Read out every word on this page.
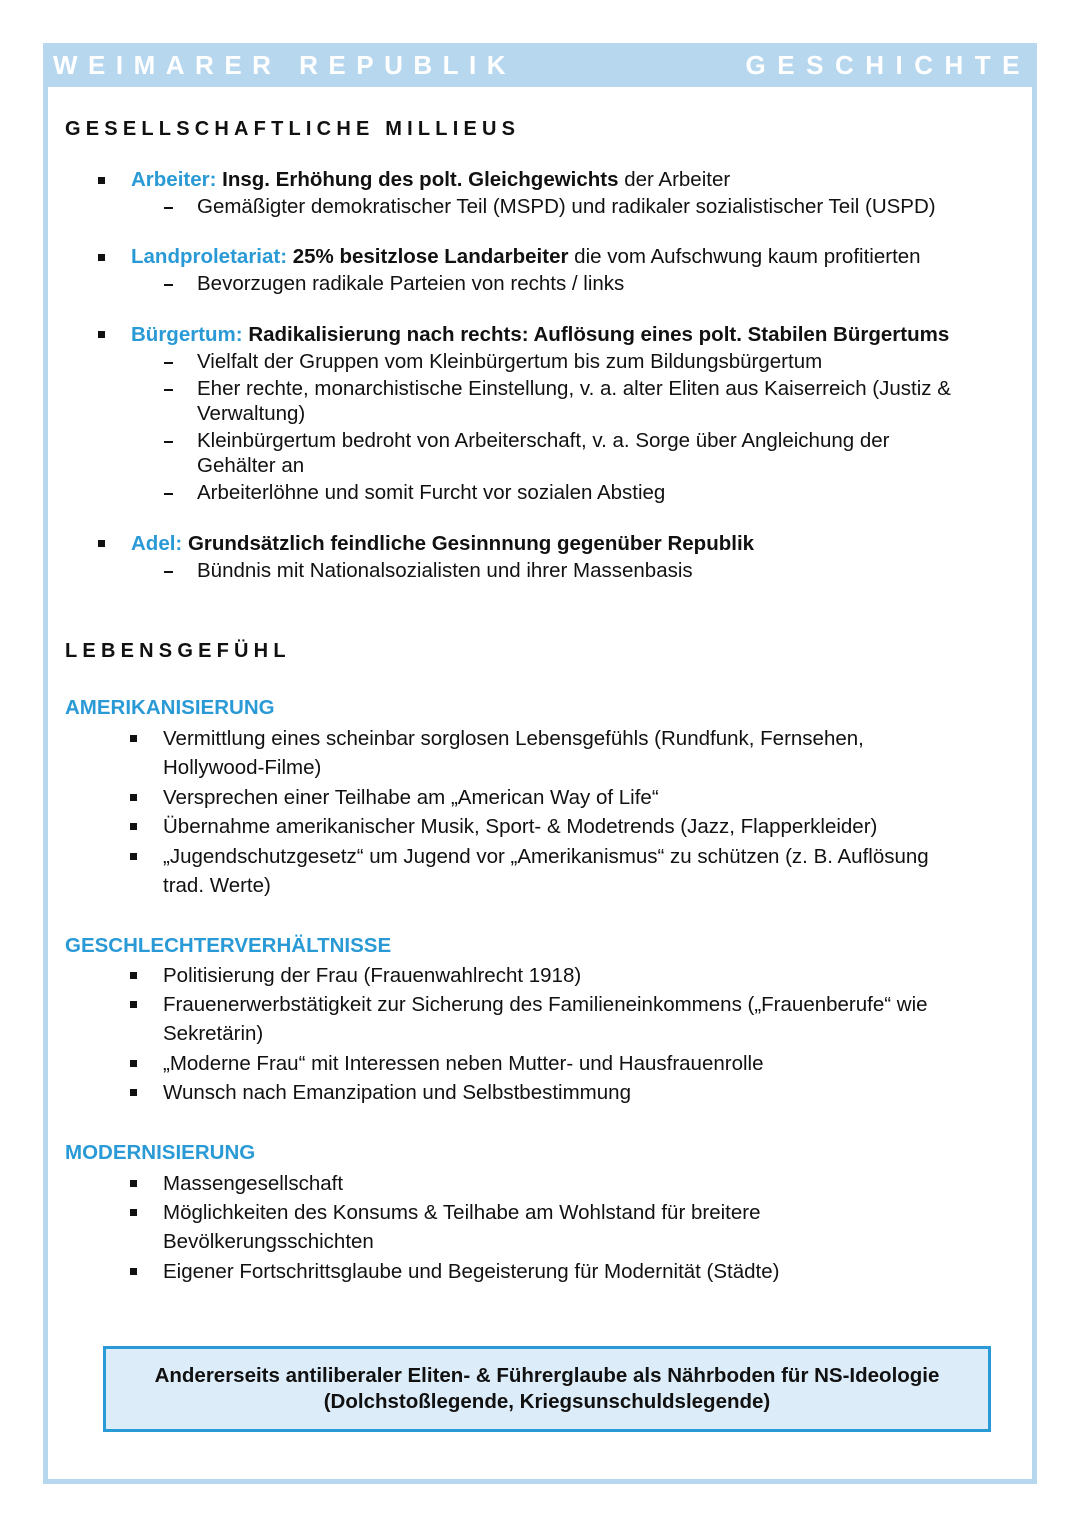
WEIMARER REPUBLIK	GESCHICHTE
GESELLSCHAFTLICHE MILLIEUS
Arbeiter: Insg. Erhöhung des polt. Gleichgewichts der Arbeiter
Gemäßigter demokratischer Teil (MSPD) und radikaler sozialistischer Teil (USPD)
Landproletariat: 25% besitzlose Landarbeiter die vom Aufschwung kaum profitierten
Bevorzugen radikale Parteien von rechts / links
Bürgertum: Radikalisierung nach rechts: Auflösung eines polt. Stabilen Bürgertums
Vielfalt der Gruppen vom Kleinbürgertum bis zum Bildungsbürgertum
Eher rechte, monarchistische Einstellung, v. a. alter Eliten aus Kaiserreich (Justiz &
Verwaltung)
Kleinbürgertum bedroht von Arbeiterschaft, v. a. Sorge über Angleichung der
Gehälter an
Arbeiterlöhne und somit Furcht vor sozialen Abstieg
Adel: Grundsätzlich feindliche Gesinnnung gegenüber Republik
Bündnis mit Nationalsozialisten und ihrer Massenbasis
LEBENSGEFÜHL
AMERIKANISIERUNG
Vermittlung eines scheinbar sorglosen Lebensgefühls (Rundfunk, Fernsehen,
Hollywood-Filme)
Versprechen einer Teilhabe am „American Way of Life“
Übernahme amerikanischer Musik, Sport- & Modetrends (Jazz, Flapperkleider)
„Jugendschutzgesetz“ um Jugend vor „Amerikanismus“ zu schützen (z. B. Auflösung
trad. Werte)
GESCHLECHTERVERHÄLTNISSE
Politisierung der Frau (Frauenwahlrecht 1918)
Frauenerwerbstätigkeit zur Sicherung des Familieneinkommens („Frauenberufe“ wie
Sekretärin)
„Moderne Frau“ mit Interessen neben Mutter- und Hausfrauenrolle
Wunsch nach Emanzipation und Selbstbestimmung
MODERNISIERUNG
Massengesellschaft
Möglichkeiten des Konsums & Teilhabe am Wohlstand für breitere
Bevölkerungsschichten
Eigener Fortschrittsglaube und Begeisterung für Modernität (Städte)
Andererseits antiliberaler Eliten- & Führerglaube als Nährboden für NS-Ideologie
(Dolchstoßlegende, Kriegsunschuldslegende)
